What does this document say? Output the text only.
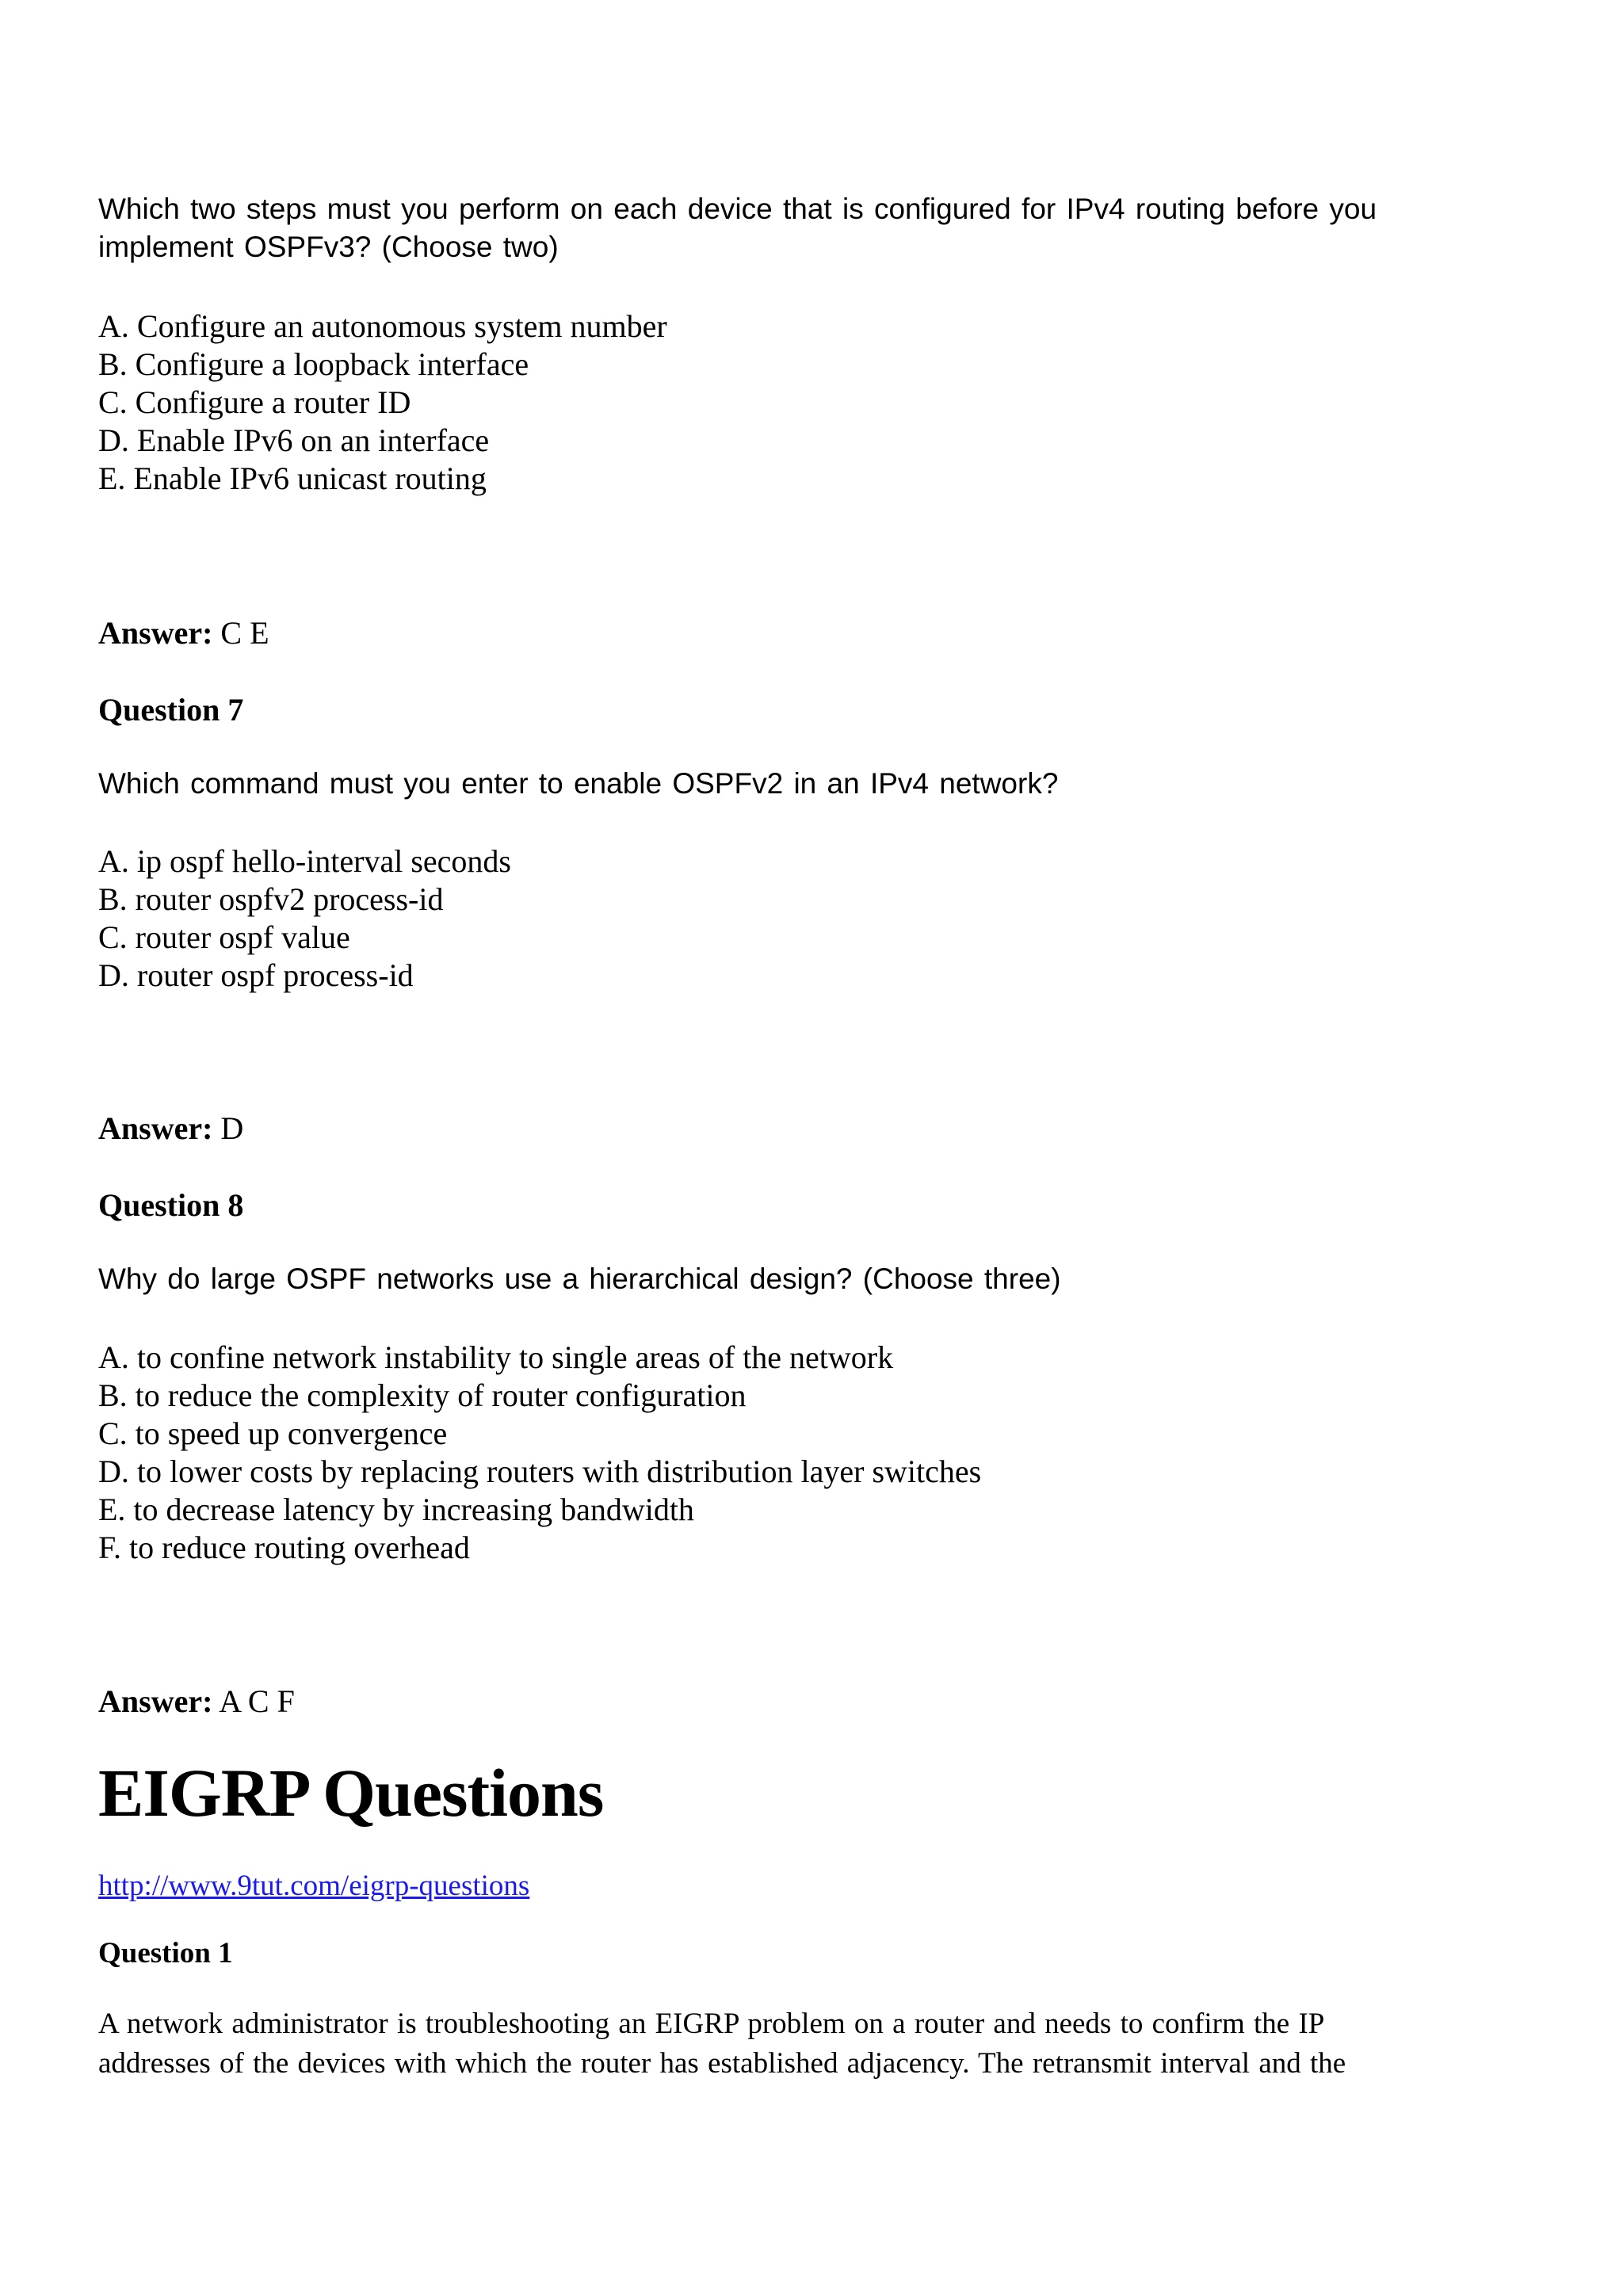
Which two steps must you perform on each device that is configured for IPv4 routing before you implement OSPFv3? (Choose two)

A. Configure an autonomous system number
B. Configure a loopback interface
C. Configure a router ID
D. Enable IPv6 on an interface
E. Enable IPv6 unicast routing

Answer: C E

Question 7

Which command must you enter to enable OSPFv2 in an IPv4 network?

A. ip ospf hello-interval seconds
B. router ospfv2 process-id
C. router ospf value
D. router ospf process-id

Answer: D

Question 8

Why do large OSPF networks use a hierarchical design? (Choose three)

A. to confine network instability to single areas of the network
B. to reduce the complexity of router configuration
C. to speed up convergence
D. to lower costs by replacing routers with distribution layer switches
E. to decrease latency by increasing bandwidth
F. to reduce routing overhead

Answer: A C F

EIGRP Questions
http://www.9tut.com/eigrp-questions

Question 1

A network administrator is troubleshooting an EIGRP problem on a router and needs to confirm the IP

addresses of the devices with which the router has established adjacency. The retransmit interval and the
